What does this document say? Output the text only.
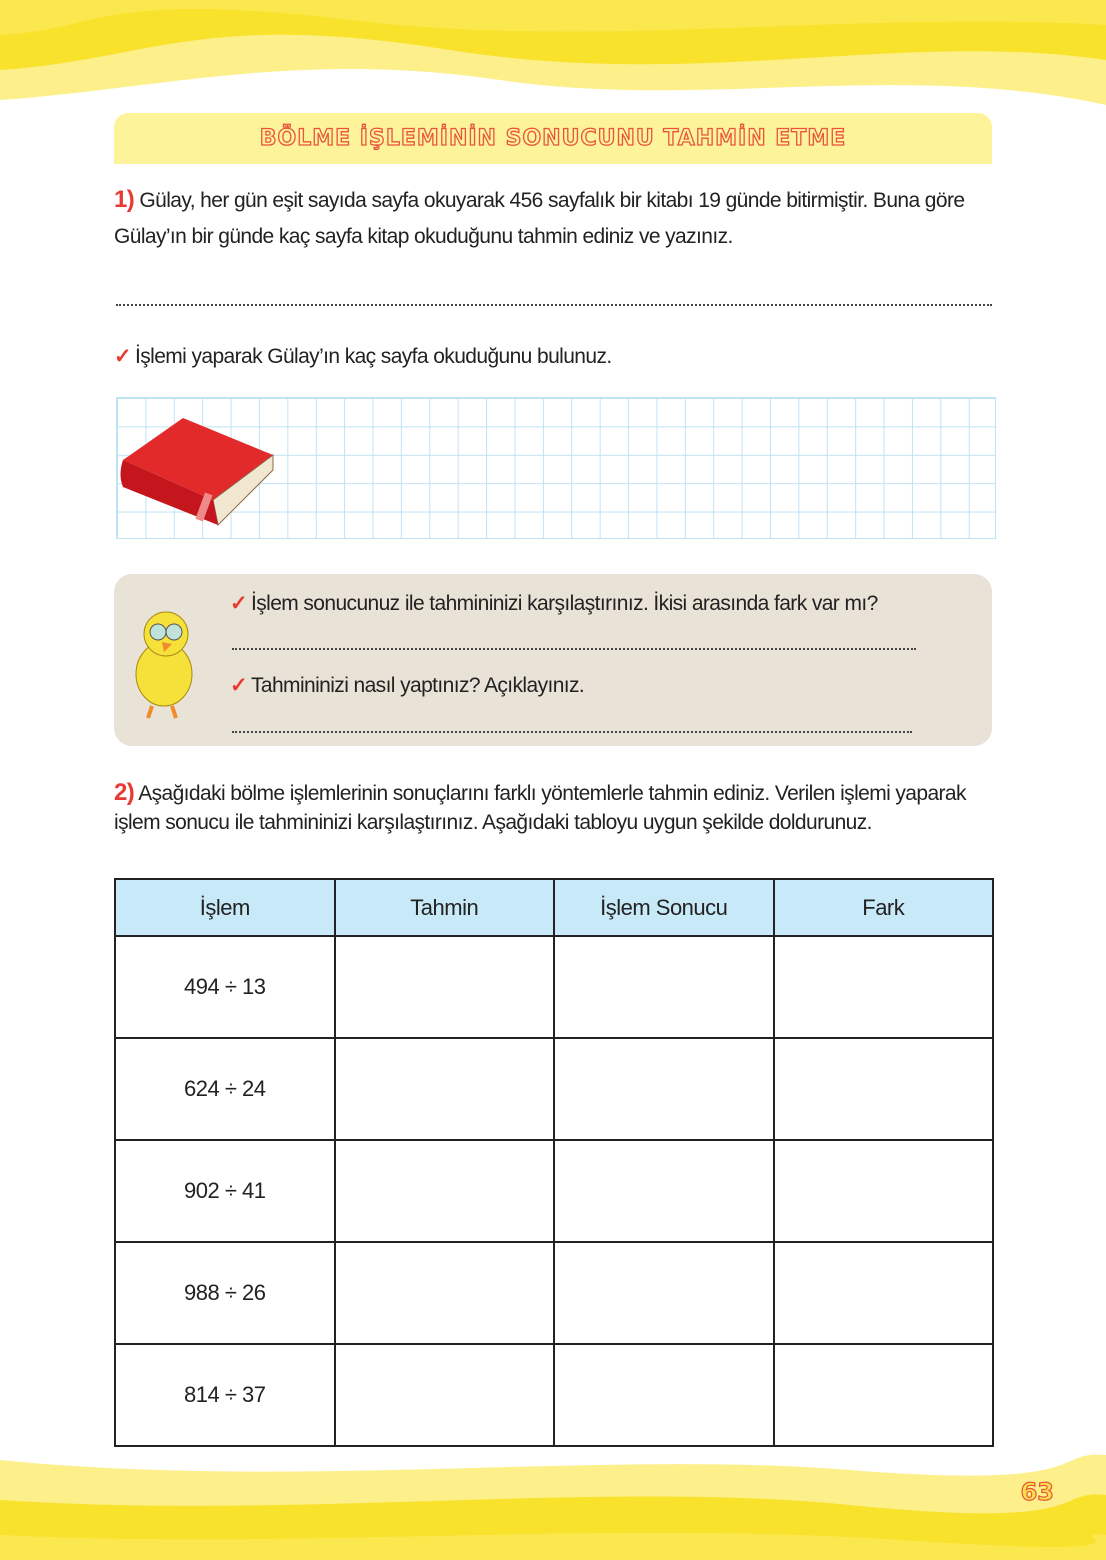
BÖLME İŞLEMİNİN SONUCUNU TAHMİN ETME
1) Gülay, her gün eşit sayıda sayfa okuyarak 456 sayfalık bir kitabı 19 günde bitirmiştir. Buna göre Gülay’ın bir günde kaç sayfa kitap okuduğunu tahmin ediniz ve yazınız.
✓ İşlemi yaparak Gülay’ın kaç sayfa okuduğunu bulunuz.
✓ İşlem sonucunuz ile tahmininizi karşılaştırınız. İkisi arasında fark var mı?
✓ Tahmininizi nasıl yaptınız? Açıklayınız.
2) Aşağıdaki bölme işlemlerinin sonuçlarını farklı yöntemlerle tahmin ediniz. Verilen işlemi yaparak işlem sonucu ile tahmininizi karşılaştırınız. Aşağıdaki tabloyu uygun şekilde doldurunuz.
İşlem	Tahmin	İşlem Sonucu	Fark
494 ÷ 13			
624 ÷ 24			
902 ÷ 41			
988 ÷ 26			
814 ÷ 37			
63
